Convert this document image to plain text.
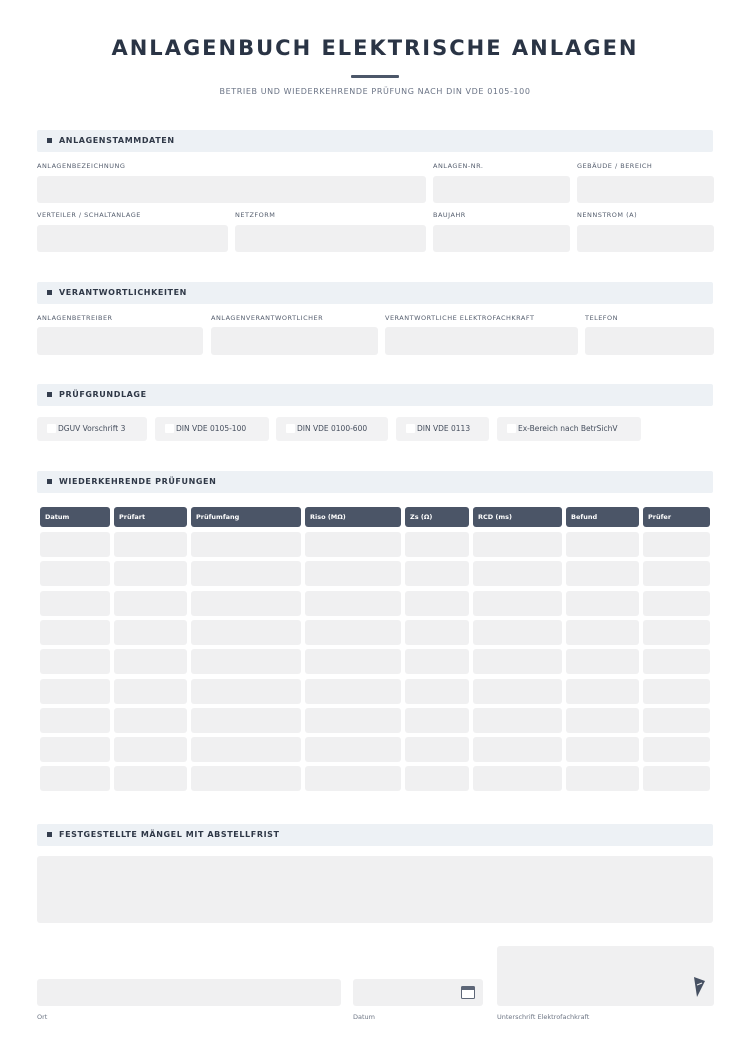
ANLAGENBUCH ELEKTRISCHE ANLAGEN
BETRIEB UND WIEDERKEHRENDE PRÜFUNG NACH DIN VDE 0105-100
ANLAGENSTAMMDATEN
ANLAGENBEZEICHNUNG	ANLAGEN-NR.	GEBÄUDE / BEREICH
VERTEILER / SCHALTANLAGE	NETZFORM	BAUJAHR	NENNSTROM (A)
VERANTWORTLICHKEITEN
ANLAGENBETREIBER	ANLAGENVERANTWORTLICHER	VERANTWORTLICHE ELEKTROFACHKRAFT	TELEFON
PRÜFGRUNDLAGE
DGUV Vorschrift 3	DIN VDE 0105-100	DIN VDE 0100-600	DIN VDE 0113	Ex-Bereich nach BetrSichV
WIEDERKEHRENDE PRÜFUNGEN
Datum	Prüfart	Prüfumfang	Riso (MΩ)	Zs (Ω)	RCD (ms)	Befund	Prüfer
FESTGESTELLTE MÄNGEL MIT ABSTELLFRIST
Ort	Datum	Unterschrift Elektrofachkraft
